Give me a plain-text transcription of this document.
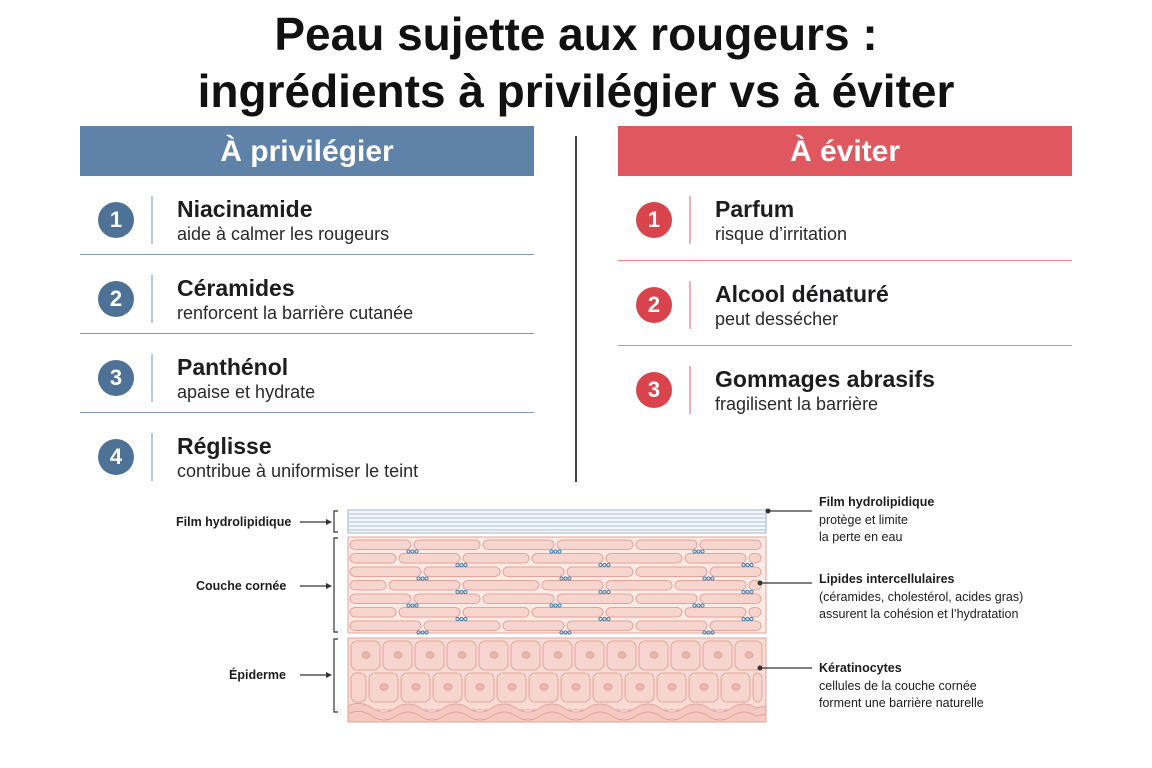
Peau sujette aux rougeurs :
ingrédients à privilégier vs à éviter
À privilégier
1	Niacinamide
aide à calmer les rougeurs
2	Céramides
renforcent la barrière cutanée
3	Panthénol
apaise et hydrate
4	Réglisse
contribue à uniformiser le teint
À éviter
1	Parfum
risque d’irritation
2	Alcool dénaturé
peut dessécher
3	Gommages abrasifs
fragilisent la barrière
Film hydrolipidique
Couche cornée
Épiderme
Film hydrolipidique
protège et limite
la perte en eau
Lipides intercellulaires
(céramides, cholestérol, acides gras)
assurent la cohésion et l’hydratation
Kératinocytes
cellules de la couche cornée
forment une barrière naturelle
